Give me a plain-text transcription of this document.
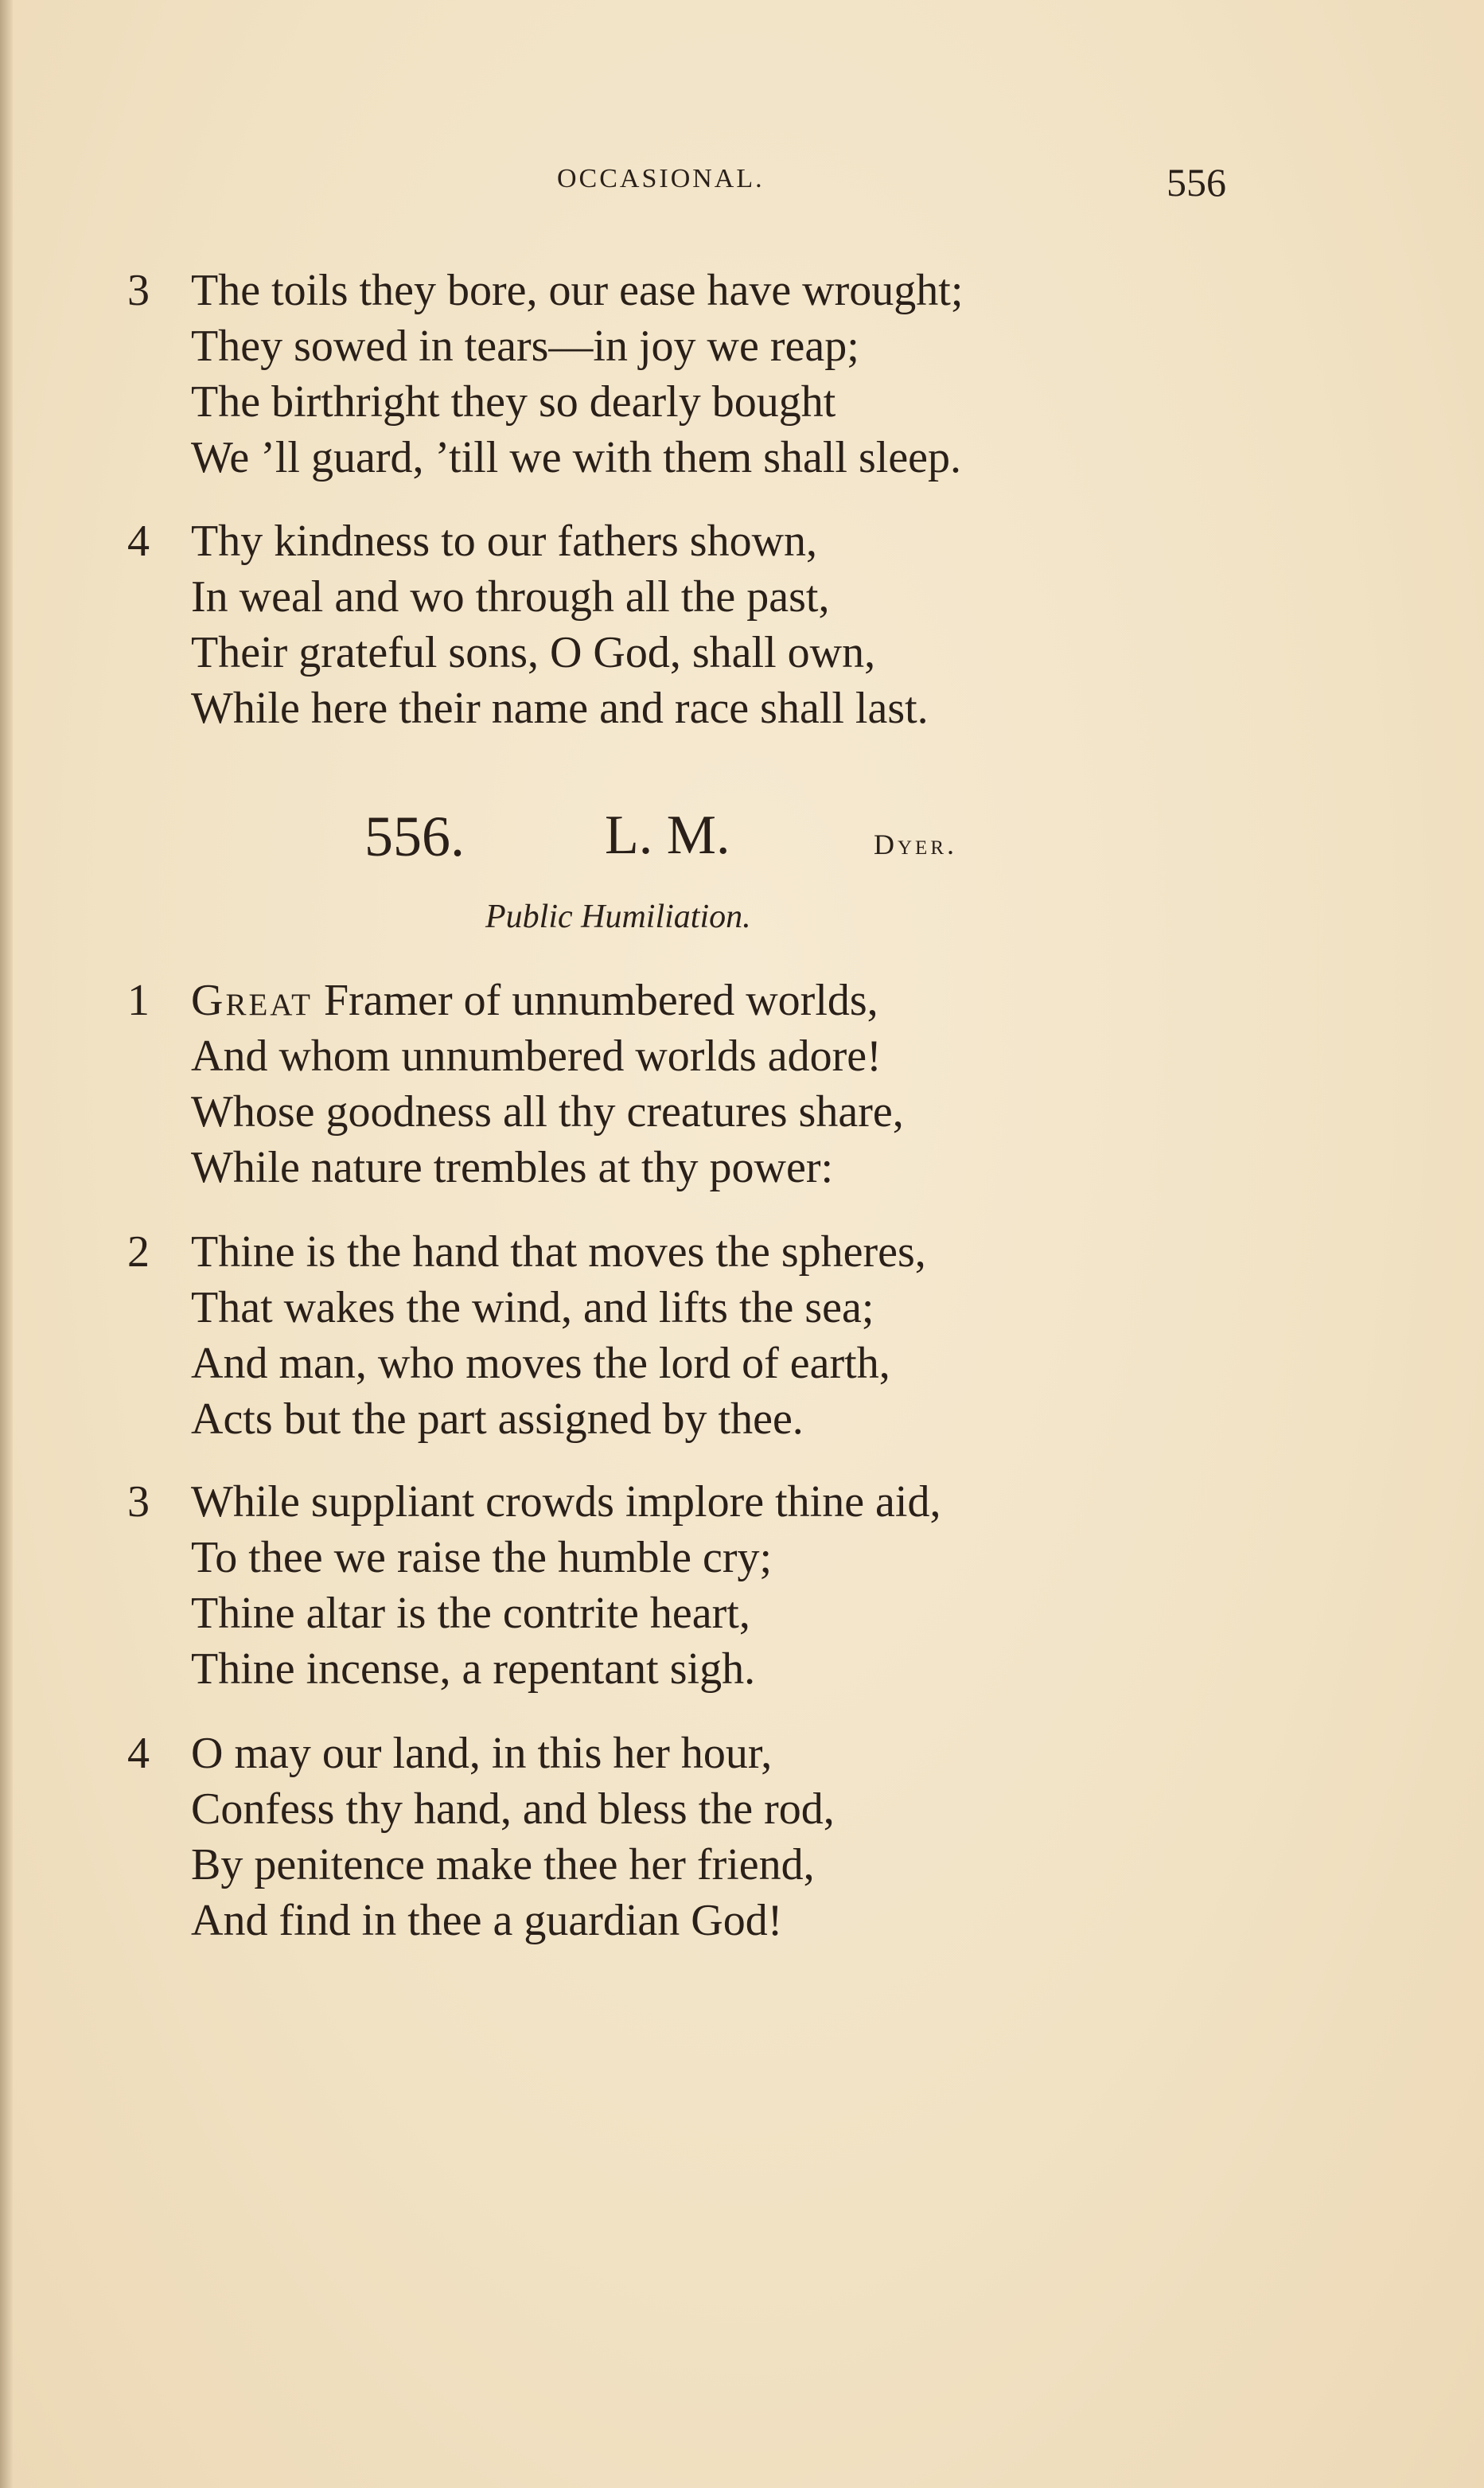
OCCASIONAL.	556
3 The toils they bore, our ease have wrought;
They sowed in tears—in joy we reap;
The birthright they so dearly bought
We ’ll guard, ’till we with them shall sleep.
4 Thy kindness to our fathers shown,
In weal and wo through all the past,
Their grateful sons, O God, shall own,
While here their name and race shall last.
556.	L. M.	Dyer.
Public Humiliation.
1 Great Framer of unnumbered worlds,
And whom unnumbered worlds adore!
Whose goodness all thy creatures share,
While nature trembles at thy power:
2 Thine is the hand that moves the spheres,
That wakes the wind, and lifts the sea;
And man, who moves the lord of earth,
Acts but the part assigned by thee.
3 While suppliant crowds implore thine aid,
To thee we raise the humble cry;
Thine altar is the contrite heart,
Thine incense, a repentant sigh.
4 O may our land, in this her hour,
Confess thy hand, and bless the rod,
By penitence make thee her friend,
And find in thee a guardian God!
